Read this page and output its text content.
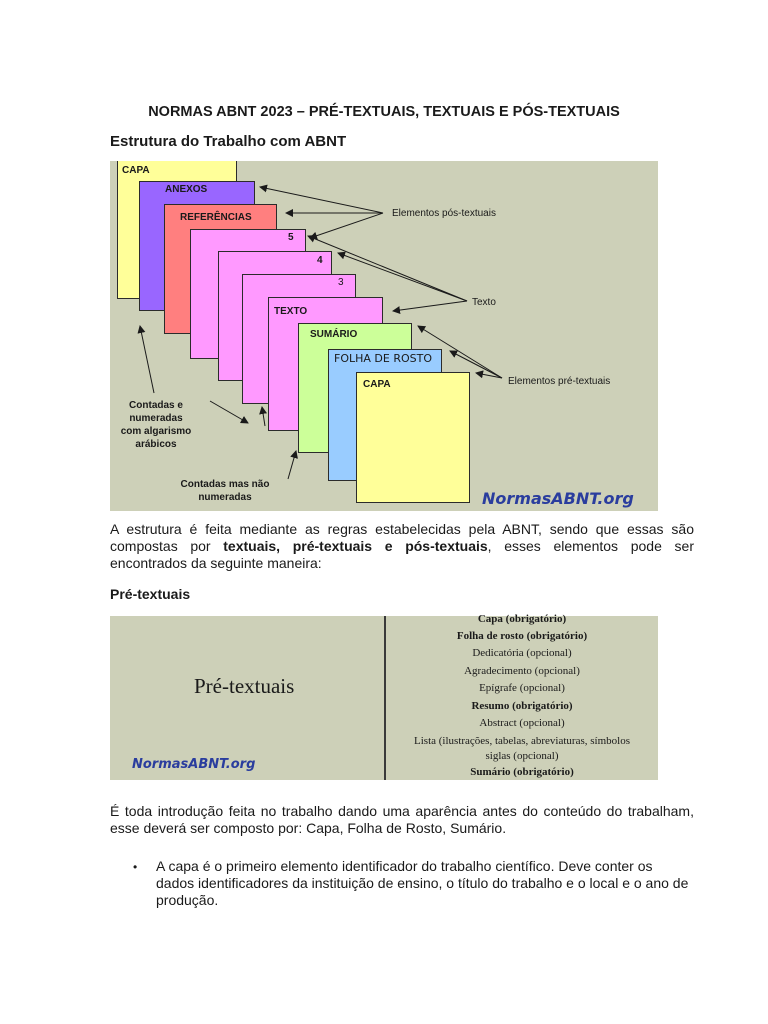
NORMAS ABNT 2023 – PRÉ-TEXTUAIS, TEXTUAIS E PÓS-TEXTUAIS
Estrutura do Trabalho com ABNT
CAPA
ANEXOS
REFERÊNCIAS
5
4
3
TEXTO
SUMÁRIO
FOLHA DE ROSTO
CAPA
Elementos pós-textuais
Texto
Elementos pré-textuais
Contadas e
numeradas
com algarismo
arábicos
Contadas mas não
numeradas	NormasABNT.org
A estrutura é feita mediante as regras estabelecidas pela ABNT, sendo que essas são compostas por textuais, pré-textuais e pós-textuais, esses elementos pode ser encontrados da seguinte maneira:
Pré-textuais
Pré-textuais
NormasABNT.org
Capa (obrigatório)
Folha de rosto (obrigatório)
Dedicatória (opcional)
Agradecimento (opcional)
Epígrafe (opcional)
Resumo (obrigatório)
Abstract (opcional)
Lista (ilustrações, tabelas, abreviaturas, símbolos
siglas (opcional)
Sumário (obrigatório)
É toda introdução feita no trabalho dando uma aparência antes do conteúdo do trabalham, esse deverá ser composto por: Capa, Folha de Rosto, Sumário.
• A capa é o primeiro elemento identificador do trabalho científico. Deve conter os dados identificadores da instituição de ensino, o título do trabalho e o local e o ano de produção.
